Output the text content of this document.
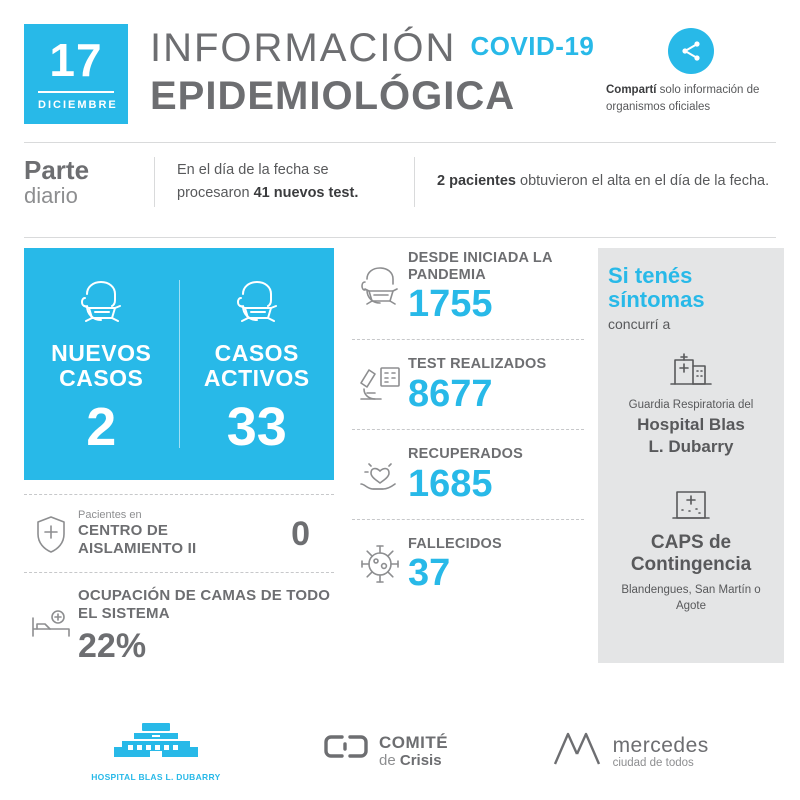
17
DICIEMBRE
INFORMACIÓN COVID-19
EPIDEMIOLÓGICA	Compartí solo información de organismos oficiales
Parte
diario
En el día de la fecha se procesaron 41 nuevos test.
2 pacientes obtuvieron el alta en el día de la fecha.
NUEVOS CASOS
2
CASOS ACTIVOS
33
Pacientes en
CENTRO DE AISLAMIENTO II	0
OCUPACIÓN DE CAMAS DE TODO EL SISTEMA
22%
DESDE INICIADA LA PANDEMIA
1755
TEST REALIZADOS
8677
RECUPERADOS
1685
FALLECIDOS
37
Si tenés
síntomas
concurrí a
Guardia Respiratoria del
Hospital Blas
L. Dubarry
CAPS de
Contingencia
Blandengues, San Martín o Agote
HOSPITAL BLAS L. DUBARRY
COMITÉ
de Crisis
mercedes
ciudad de todos
